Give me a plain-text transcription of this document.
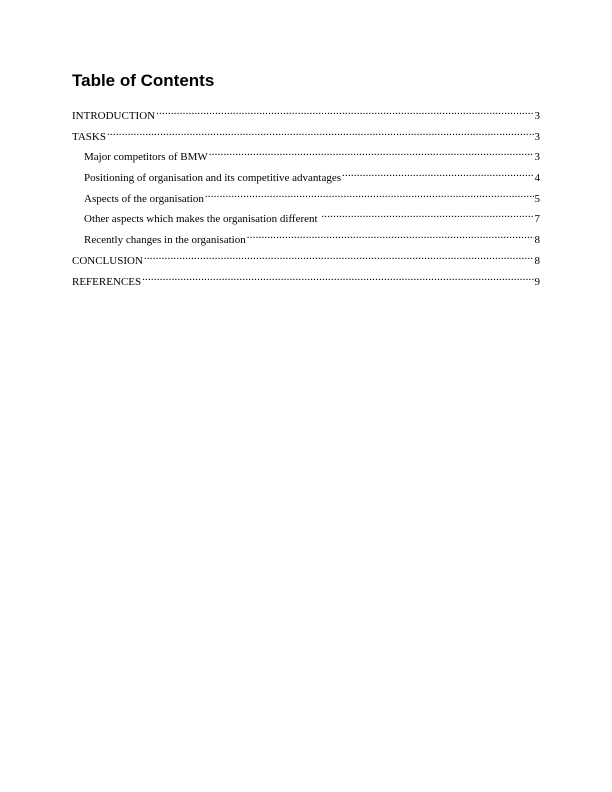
Table of Contents
INTRODUCTION .....	3
TASKS .....	3
Major competitors of BMW .....	3
Positioning of organisation and its competitive advantages .....	4
Aspects of the organisation .....	5
Other aspects which makes the organisation different .....	7
Recently changes in the organisation .....	8
CONCLUSION .....	8
REFERENCES .....	9
